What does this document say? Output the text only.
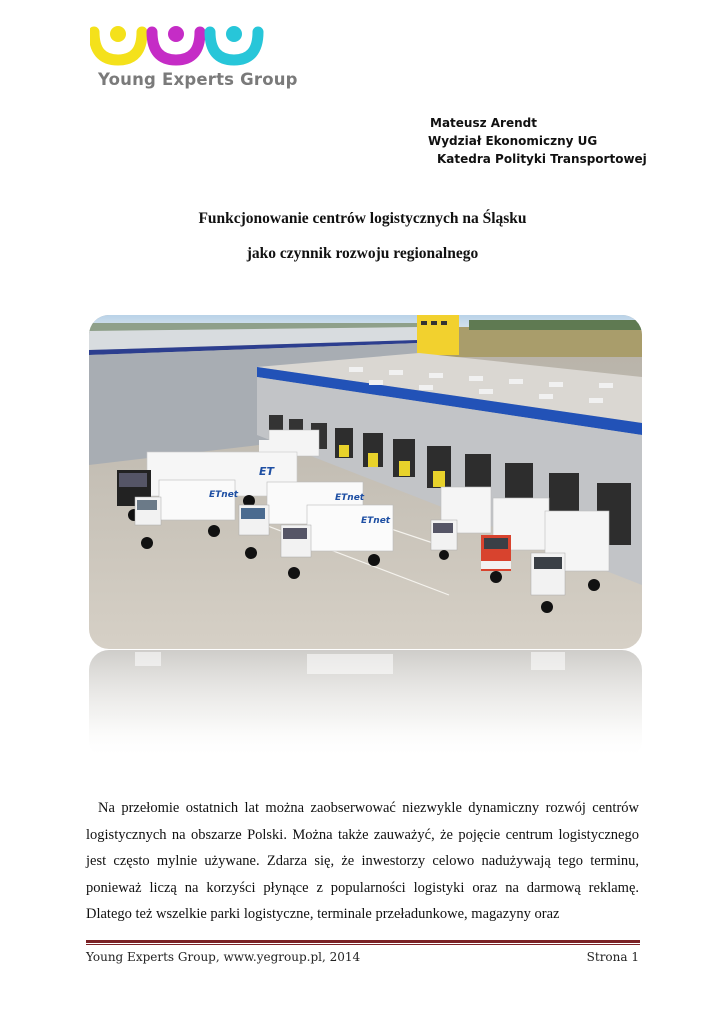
Young Experts Group
Mateusz Arendt
Wydział Ekonomiczny UG
Katedra Polityki Transportowej
Funkcjonowanie centrów logistycznych na Śląsku
jako czynnik rozwoju regionalnego
ET
ETnet	ETnet
ETnet
Na przełomie ostatnich lat można zaobserwować niezwykle dynamiczny rozwój centrów
logistycznych na obszarze Polski. Można także zauważyć, że pojęcie centrum logistycznego
jest często mylnie używane. Zdarza się, że inwestorzy celowo nadużywają tego terminu,
ponieważ liczą na korzyści płynące z popularności logistyki oraz na darmową reklamę.
Dlatego też wszelkie parki logistyczne, terminale przeładunkowe, magazyny oraz
Young Experts Group, www.yegroup.pl, 2014	Strona 1
